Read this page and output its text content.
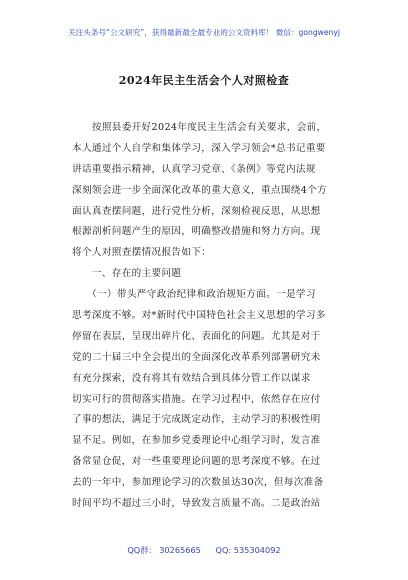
关注头条号“公文研究”，获得最新最全最专业的公文资料库！ 微信：gongwenyj
2024年民主生活会个人对照检查
　　按照县委开好2024年度民主生活会有关要求，会前，
本人通过个人自学和集体学习，深入学习领会*总书记重要
讲话重要指示精神，认真学习党章、《条例》等党内法规
深刻领会进一步全面深化改革的重大意义，重点围绕4个方
面认真查摆问题，进行党性分析，深刻检视反思，从思想
根源剖析问题产生的原因，明确整改措施和努力方向。现
将个人对照查摆情况报告如下：
　　一、存在的主要问题
　　（一）带头严守政治纪律和政治规矩方面。一是学习
思考深度不够。对*新时代中国特色社会主义思想的学习多
停留在表层，呈现出碎片化、表面化的问题。尤其是对于
党的二十届三中全会提出的全面深化改革系列部署研究未
有充分探索，没有将其有效结合到具体分管工作以谋求
切实可行的贯彻落实措施。在学习过程中，依然存在应付
了事的想法，满足于完成既定动作，主动学习的积极性明
显不足。例如，在参加乡党委理论中心组学习时，发言准
备常显仓促，对一些重要理论问题的思考深度不够。在过
去的一年中，参加理论学习的次数虽达30次，但每次准备
时间平均不超过三小时，导致发言质量不高。二是政治站
QQ群： 30265665 QQ: 535304092
